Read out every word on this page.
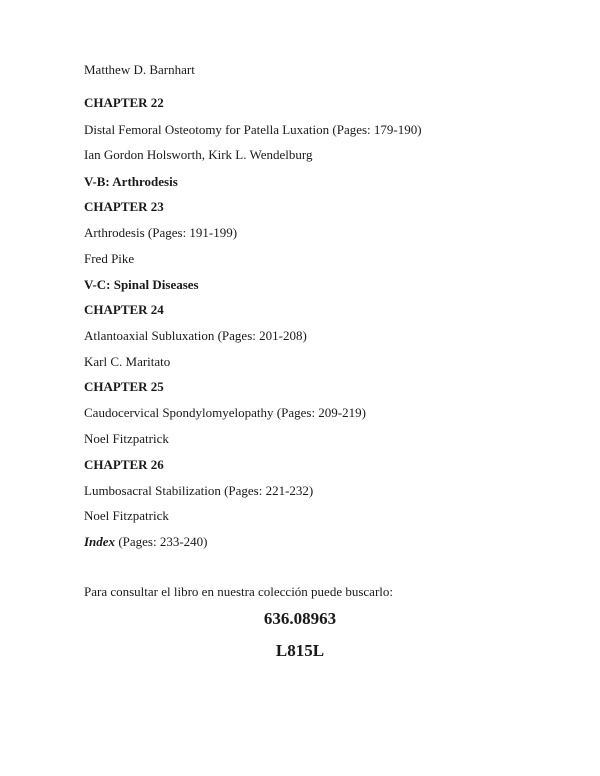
Matthew D. Barnhart
CHAPTER 22
Distal Femoral Osteotomy for Patella Luxation (Pages: 179-190)
Ian Gordon Holsworth, Kirk L. Wendelburg
V-B: Arthrodesis
CHAPTER 23
Arthrodesis (Pages: 191-199)
Fred Pike
V-C: Spinal Diseases
CHAPTER 24
Atlantoaxial Subluxation (Pages: 201-208)
Karl C. Maritato
CHAPTER 25
Caudocervical Spondylomyelopathy (Pages: 209-219)
Noel Fitzpatrick
CHAPTER 26
Lumbosacral Stabilization (Pages: 221-232)
Noel Fitzpatrick
Index (Pages: 233-240)
Para consultar el libro en nuestra colección puede buscarlo:
636.08963
L815L
